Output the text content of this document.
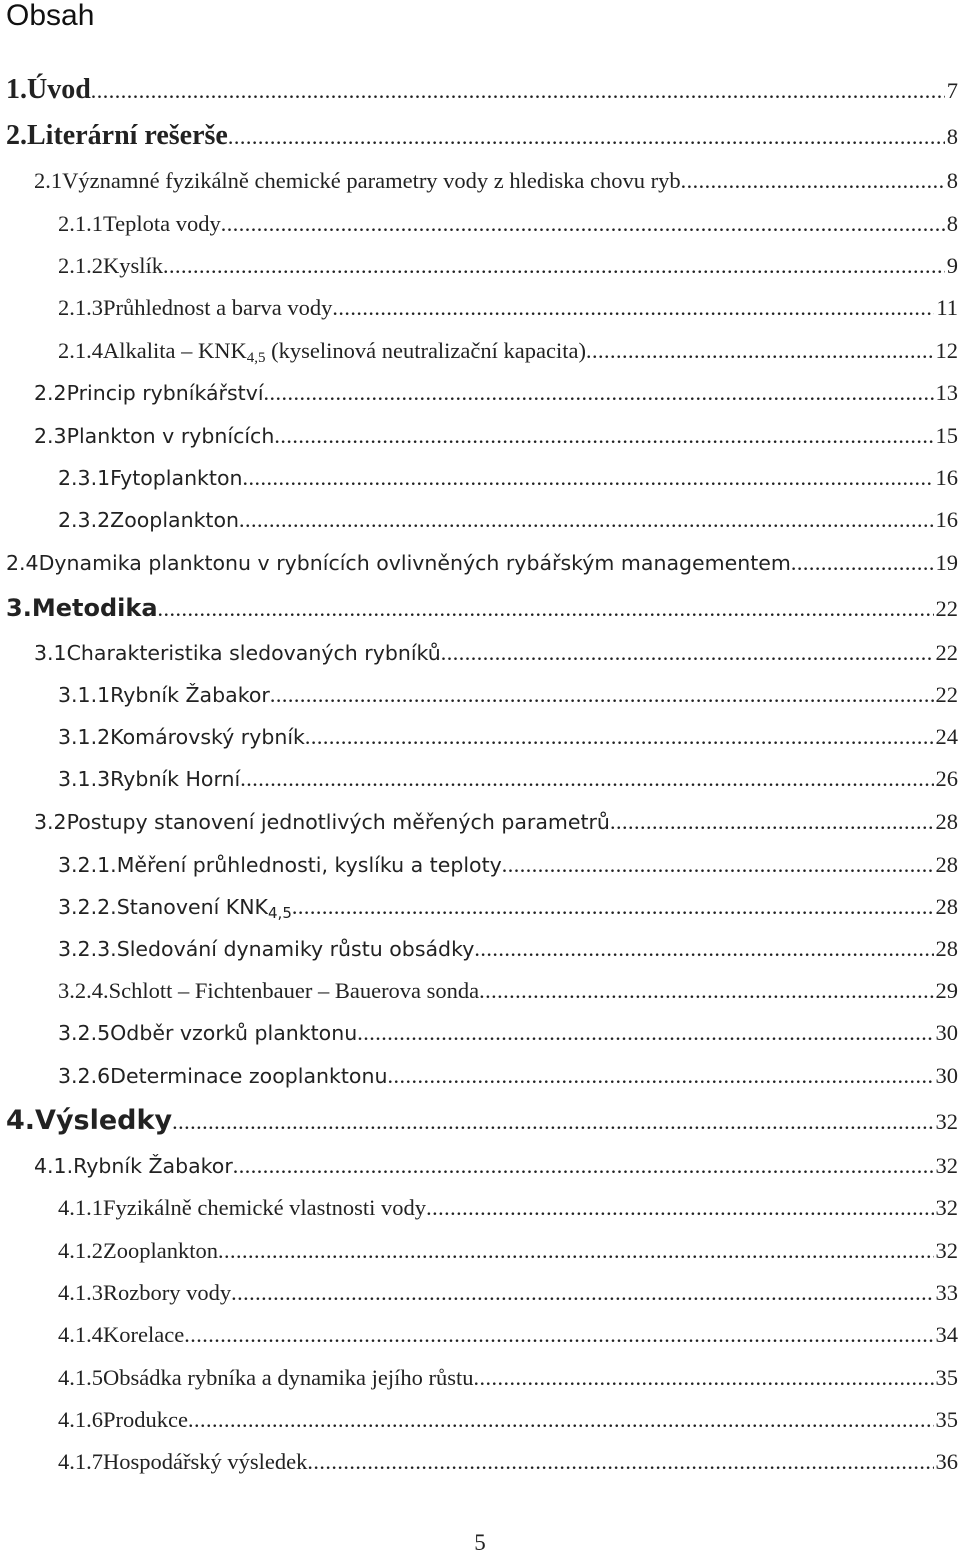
Obsah
1.Úvod .....	7
2.Literární rešerše .....	8
2.1Významné fyzikálně chemické parametry vody z hlediska chovu ryb .....	8
2.1.1Teplota vody .....	8
2.1.2Kyslík .....	9
2.1.3Průhlednost a barva vody .....	11
2.1.4Alkalita – $KNK_{4,5}$ (kyselinová neutralizační kapacita) .....	12
2.2Princip rybníkářství .....	13
2.3Plankton v rybnících .....	15
2.3.1Fytoplankton .....	16
2.3.2Zooplankton .....	16
2.4Dynamika planktonu v rybnících ovlivněných rybářským managementem .....	19
3.Metodika .....	22
3.1Charakteristika sledovaných rybníků .....	22
3.1.1Rybník Žabakor .....	22
3.1.2Komárovský rybník .....	24
3.1.3Rybník Horní .....	26
3.2Postupy stanovení jednotlivých měřených parametrů .....	28
3.2.1.Měření průhlednosti, kyslíku a teploty .....	28
3.2.2.Stanovení $KNK_{4,5}$ .....	28
3.2.3.Sledování dynamiky růstu obsádky .....	28
3.2.4.Schlott – Fichtenbauer – Bauerova sonda .....	29
3.2.5Odběr vzorků planktonu .....	30
3.2.6Determinace zooplanktonu .....	30
4.Výsledky .....	32
4.1.Rybník Žabakor .....	32
4.1.1Fyzikálně chemické vlastnosti vody .....	32
4.1.2Zooplankton .....	32
4.1.3Rozbory vody .....	33
4.1.4Korelace .....	34
4.1.5Obsádka rybníka a dynamika jejího růstu .....	35
4.1.6Produkce .....	35
4.1.7Hospodářský výsledek .....	36
5
